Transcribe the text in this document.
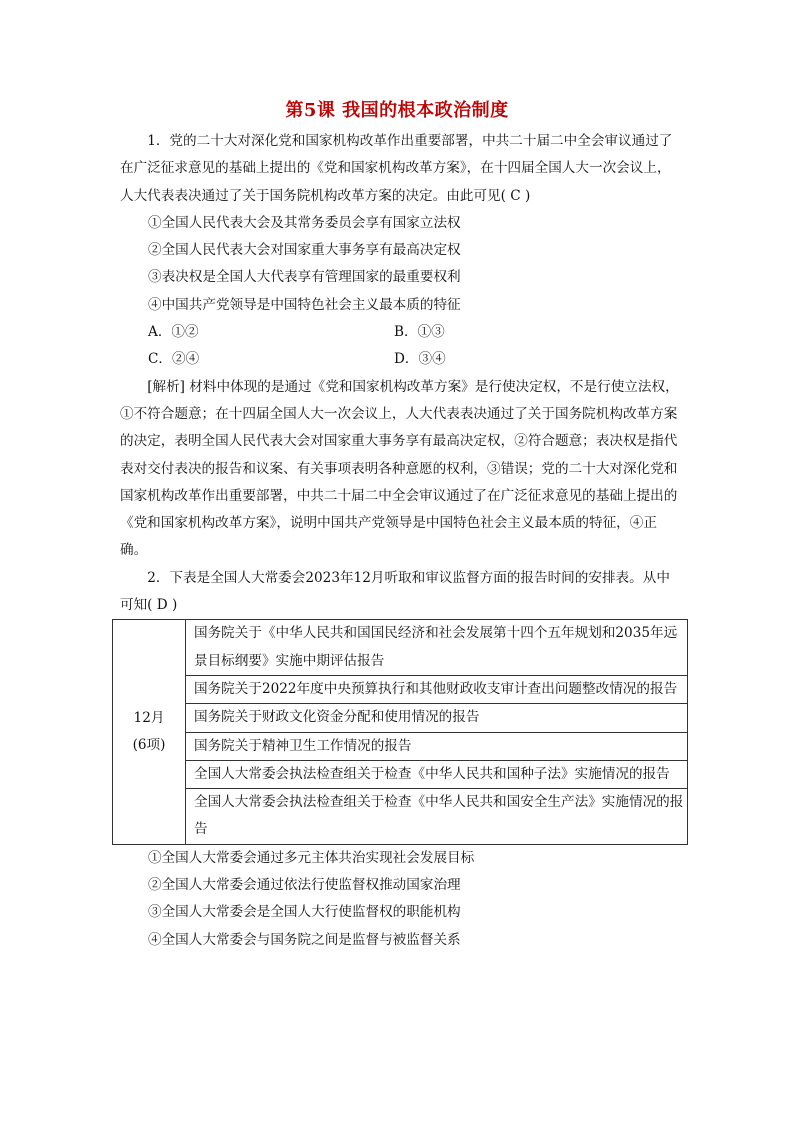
第5课 我国的根本政治制度

1．党的二十大对深化党和国家机构改革作出重要部署，中共二十届二中全会审议通过了在广泛征求意见的基础上提出的《党和国家机构改革方案》，在十四届全国人大一次会议上，人大代表表决通过了关于国务院机构改革方案的决定。由此可见( C )

①全国人民代表大会及其常务委员会享有国家立法权

②全国人民代表大会对国家重大事务享有最高决定权

③表决权是全国人大代表享有管理国家的最重要权利

④中国共产党领导是中国特色社会主义最本质的特征

A．①②	B．①③
C．②④	D．③④

[解析] 材料中体现的是通过《党和国家机构改革方案》是行使决定权，不是行使立法权，①不符合题意；在十四届全国人大一次会议上，人大代表表决通过了关于国务院机构改革方案的决定，表明全国人民代表大会对国家重大事务享有最高决定权，②符合题意；表决权是指代表对交付表决的报告和议案、有关事项表明各种意愿的权利，③错误；党的二十大对深化党和国家机构改革作出重要部署，中共二十届二中全会审议通过了在广泛征求意见的基础上提出的《党和国家机构改革方案》，说明中国共产党领导是中国特色社会主义最本质的特征，④正确。

2．下表是全国人大常委会2023年12月听取和审议监督方面的报告时间的安排表。从中可知( D )

12月
(6项)
	国务院关于《中华人民共和国国民经济和社会发展第十四个五年规划和2035年远景目标纲要》实施中期评估报告
国务院关于2022年度中央预算执行和其他财政收支审计查出问题整改情况的报告
国务院关于财政文化资金分配和使用情况的报告
国务院关于精神卫生工作情况的报告
全国人大常委会执法检查组关于检查《中华人民共和国种子法》实施情况的报告
全国人大常委会执法检查组关于检查《中华人民共和国安全生产法》实施情况的报告

①全国人大常委会通过多元主体共治实现社会发展目标

②全国人大常委会通过依法行使监督权推动国家治理

③全国人大常委会是全国人大行使监督权的职能机构

④全国人大常委会与国务院之间是监督与被监督关系
